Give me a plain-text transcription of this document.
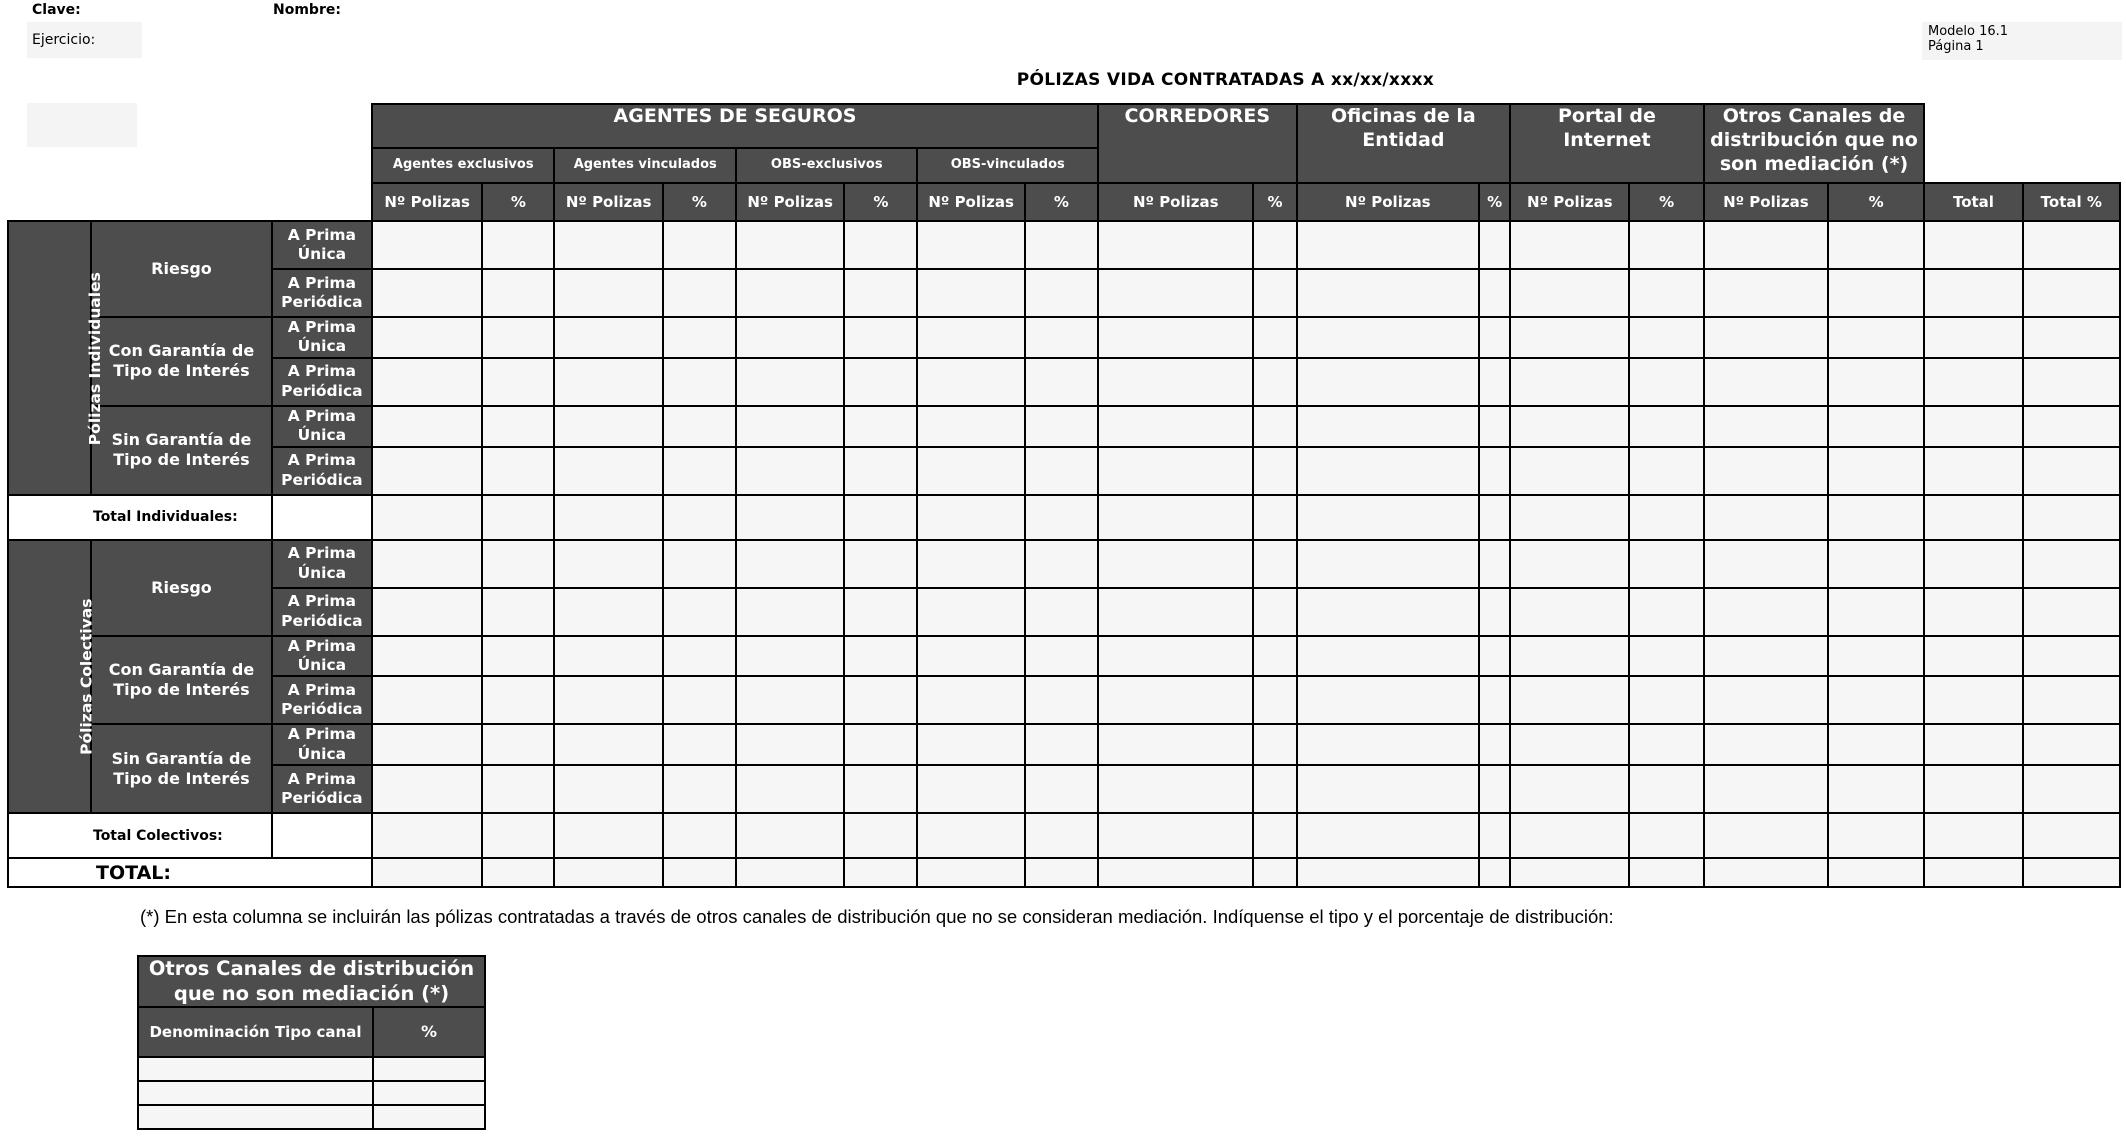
Clave:	Nombre:
Ejercicio:
Modelo 16.1
Página 1
PÓLIZAS VIDA CONTRATADAS A xx/xx/xxxx
			AGENTES DE SEGUROS								CORREDORES		Oficinas de la Entidad		Portal de Internet		Otros Canales de distribución que no son mediación (*)			
			Agentes exclusivos		Agentes vinculados		OBS-exclusivos		OBS-vinculados											
			Nº Polizas	%	Nº Polizas	%	Nº Polizas	%	Nº Polizas	%	Nº Polizas	%	Nº Polizas	%	Nº Polizas	%	Nº Polizas	%	Total	Total %
Pólizas Individuales	Riesgo	A Prima Única																		
		A Prima Periódica																		
	Con Garantía de Tipo de Interés	A Prima Única																		
		A Prima Periódica																		
	Sin Garantía de Tipo de Interés	A Prima Única																		
		A Prima Periódica																		
Total Individuales:																				
Pólizas Colectivas	Riesgo	A Prima Única																		
		A Prima Periódica																		
	Con Garantía de Tipo de Interés	A Prima Única																		
		A Prima Periódica																		
	Sin Garantía de Tipo de Interés	A Prima Única																		
		A Prima Periódica																		
Total Colectivos:																				
TOTAL:																				
(*) En esta columna se incluirán las pólizas contratadas a través de otros canales de distribución que no se consideran mediación. Indíquense el tipo y el porcentaje de distribución:
Otros Canales de distribución que no son mediación (*)	
Denominación Tipo canal	%
